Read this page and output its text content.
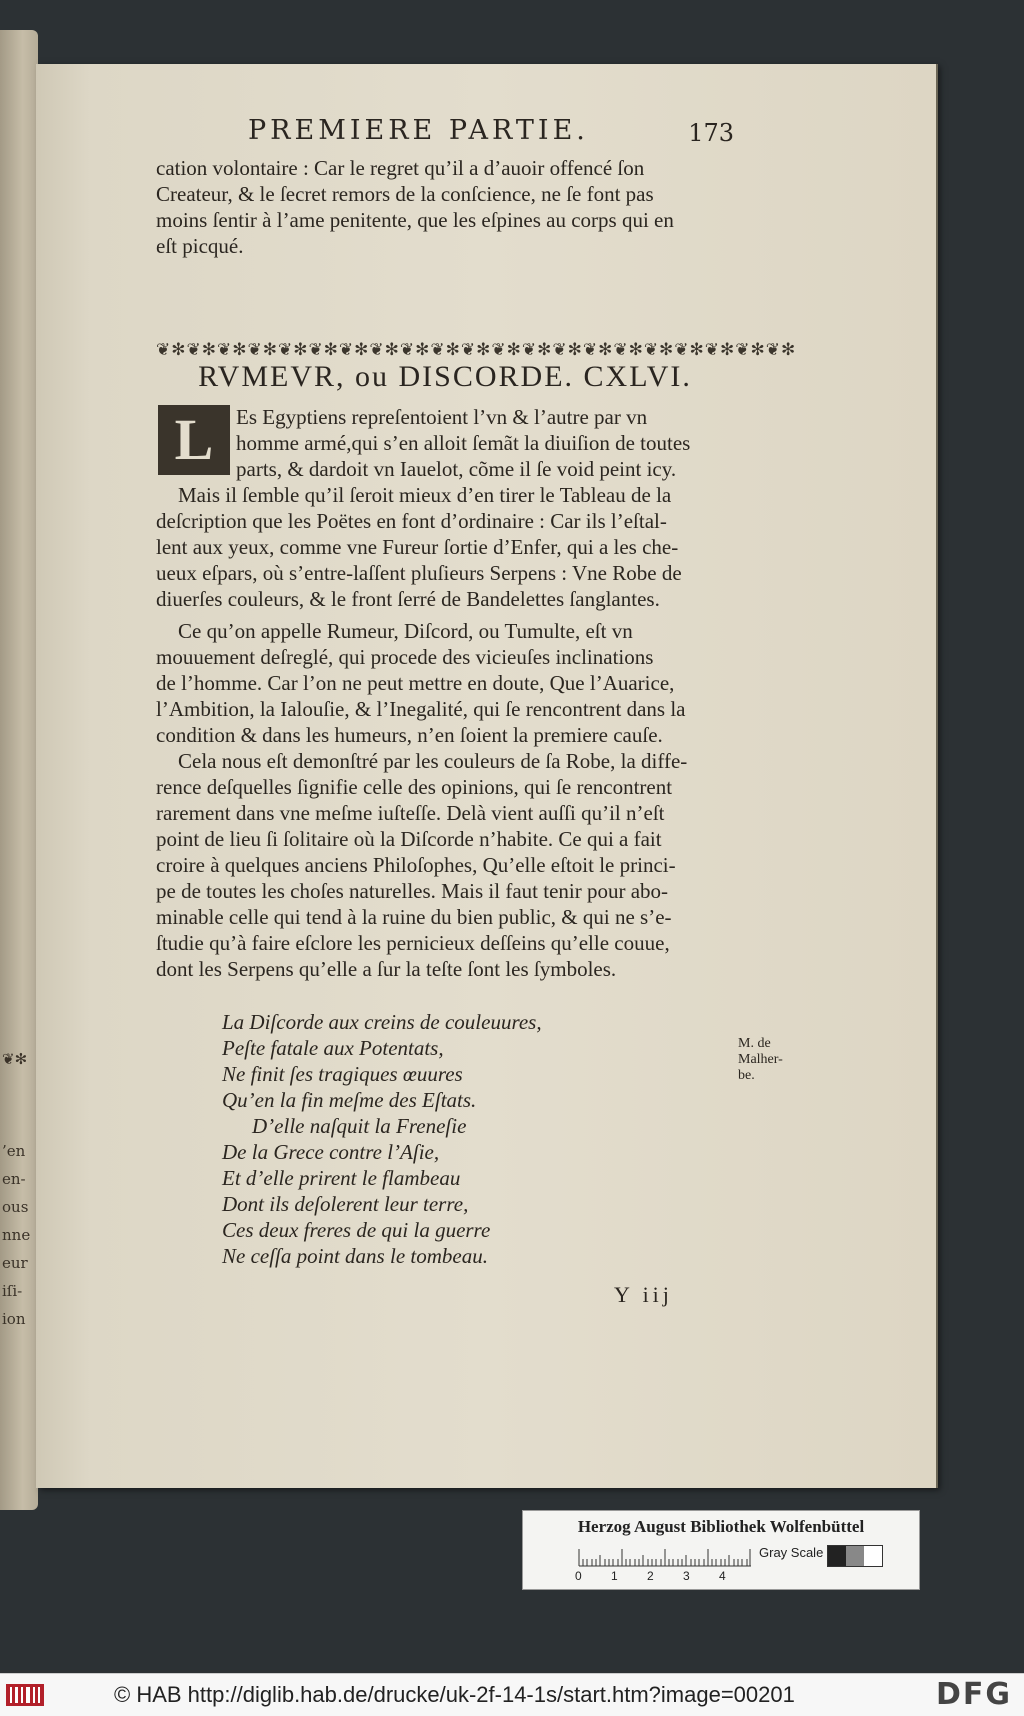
❦✻
’en
en-
ous
nne
eur
iſi-
ion
PREMIERE PARTIE.	173
cation volontaire : Car le regret qu’il a d’auoir offencé ſon
Createur, & le ſecret remors de la conſcience, ne ſe font pas
moins ſentir à l’ame penitente, que les eſpines au corps qui en
eſt picqué.
❦✻❦✻❦✻❦✻❦✻❦✻❦✻❦✻❦✻❦✻❦✻❦✻❦✻❦✻❦✻❦✻❦✻❦✻❦✻❦✻❦✻
RVMEVR, ou DISCORDE. CXLVI.
L	Es Egyptiens repreſentoient l’vn & l’autre par vn
homme armé,qui s’en alloit ſemãt la diuiſion de toutes
parts, & dardoit vn Iauelot, cõme il ſe void peint icy.
Mais il ſemble qu’il ſeroit mieux d’en tirer le Tableau de la
deſcription que les Poëtes en font d’ordinaire : Car ils l’eſtal-
lent aux yeux, comme vne Fureur ſortie d’Enfer, qui a les che-
ueux eſpars, où s’entre-laſſent pluſieurs Serpens : Vne Robe de
diuerſes couleurs, & le front ſerré de Bandelettes ſanglantes.
Ce qu’on appelle Rumeur, Diſcord, ou Tumulte, eſt vn
mouuement deſreglé, qui procede des vicieuſes inclinations
de l’homme. Car l’on ne peut mettre en doute, Que l’Auarice,
l’Ambition, la Ialouſie, & l’Inegalité, qui ſe rencontrent dans la
condition & dans les humeurs, n’en ſoient la premiere cauſe.
Cela nous eſt demonſtré par les couleurs de ſa Robe, la diffe-
rence deſquelles ſignifie celle des opinions, qui ſe rencontrent
rarement dans vne meſme iuſteſſe. Delà vient auſſi qu’il n’eſt
point de lieu ſi ſolitaire où la Diſcorde n’habite. Ce qui a fait
croire à quelques anciens Philoſophes, Qu’elle eſtoit le princi-
pe de toutes les choſes naturelles. Mais il faut tenir pour abo-
minable celle qui tend à la ruine du bien public, & qui ne s’e-
ſtudie qu’à faire eſclore les pernicieux deſſeins qu’elle couue,
dont les Serpens qu’elle a ſur la teſte ſont les ſymboles.
La Diſcorde aux creins de couleuures,
Peſte fatale aux Potentats,
Ne finit ſes tragiques œuures
Qu’en la fin meſme des Eſtats.
D’elle naſquit la Freneſie
De la Grece contre l’Aſie,
Et d’elle prirent le flambeau
Dont ils deſolerent leur terre,
Ces deux freres de qui la guerre
Ne ceſſa point dans le tombeau.
M. de
Malher-
be.
Y iij
Herzog August Bibliothek Wolfenbüttel
0 1 2 3 4
Gray Scale
© HAB http://diglib.hab.de/drucke/uk-2f-14-1s/start.htm?image=00201	DFG
